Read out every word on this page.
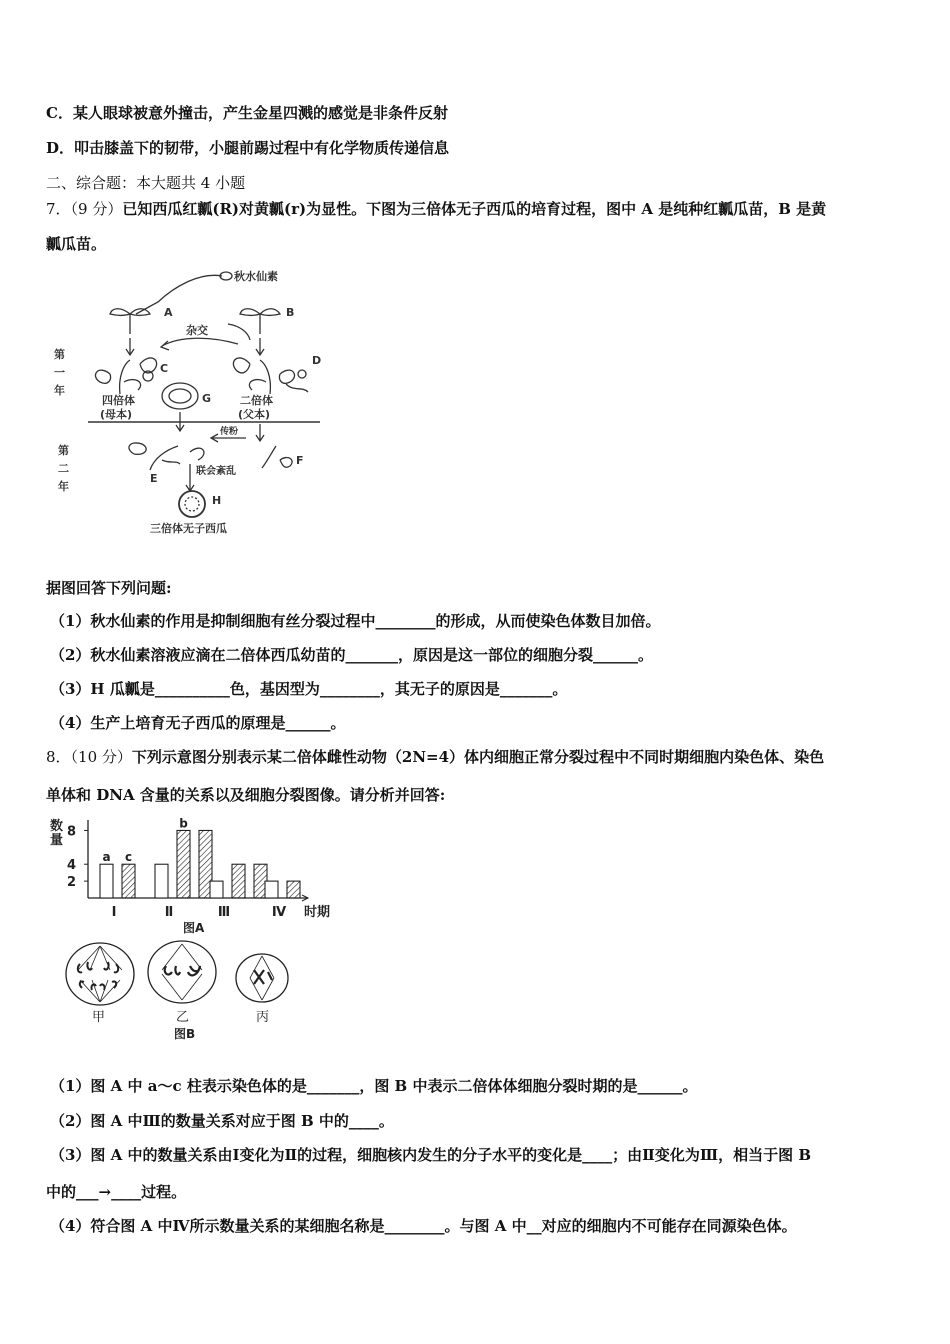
C．某人眼球被意外撞击，产生金星四溅的感觉是非条件反射
D．叩击膝盖下的韧带，小腿前踢过程中有化学物质传递信息
二、综合题：本大题共 4 小题
7．（9 分）已知西瓜红瓤(R)对黄瓤(r)为显性。下图为三倍体无子西瓜的培育过程，图中 A 是纯种红瓤瓜苗，B 是黄
瓤瓜苗。
秋水仙素
A	B
杂交
C
D
G
四倍体
(母本)
二倍体
(父本)
传粉
E
F
联会紊乱
H
三倍体无子西瓜
第
一
年
第
二
年
据图回答下列问题:
（1）秋水仙素的作用是抑制细胞有丝分裂过程中________的形成，从而使染色体数目加倍。
（2）秋水仙素溶液应滴在二倍体西瓜幼苗的_______，原因是这一部位的细胞分裂______。
（3）H 瓜瓤是__________色，基因型为________，其无子的原因是_______。
（4）生产上培育无子西瓜的原理是______。
8．（10 分）下列示意图分别表示某二倍体雌性动物（2N=4）体内细胞正常分裂过程中不同时期细胞内染色体、染色
单体和 DNA 含量的关系以及细胞分裂图像。请分析并回答:
数
量
2
4
8
a c
Ⅰ
b
Ⅱ	Ⅲ	Ⅳ 时期
图A
甲	乙	丙
图B
（1）图 A 中 a～c 柱表示染色体的是_______，图 B 中表示二倍体体细胞分裂时期的是______。
（2）图 A 中Ⅲ的数量关系对应于图 B 中的____。
（3）图 A 中的数量关系由Ⅰ变化为Ⅱ的过程，细胞核内发生的分子水平的变化是____；由Ⅱ变化为Ⅲ，相当于图 B
中的___→____过程。
（4）符合图 A 中Ⅳ所示数量关系的某细胞名称是________。与图 A 中__对应的细胞内不可能存在同源染色体。
